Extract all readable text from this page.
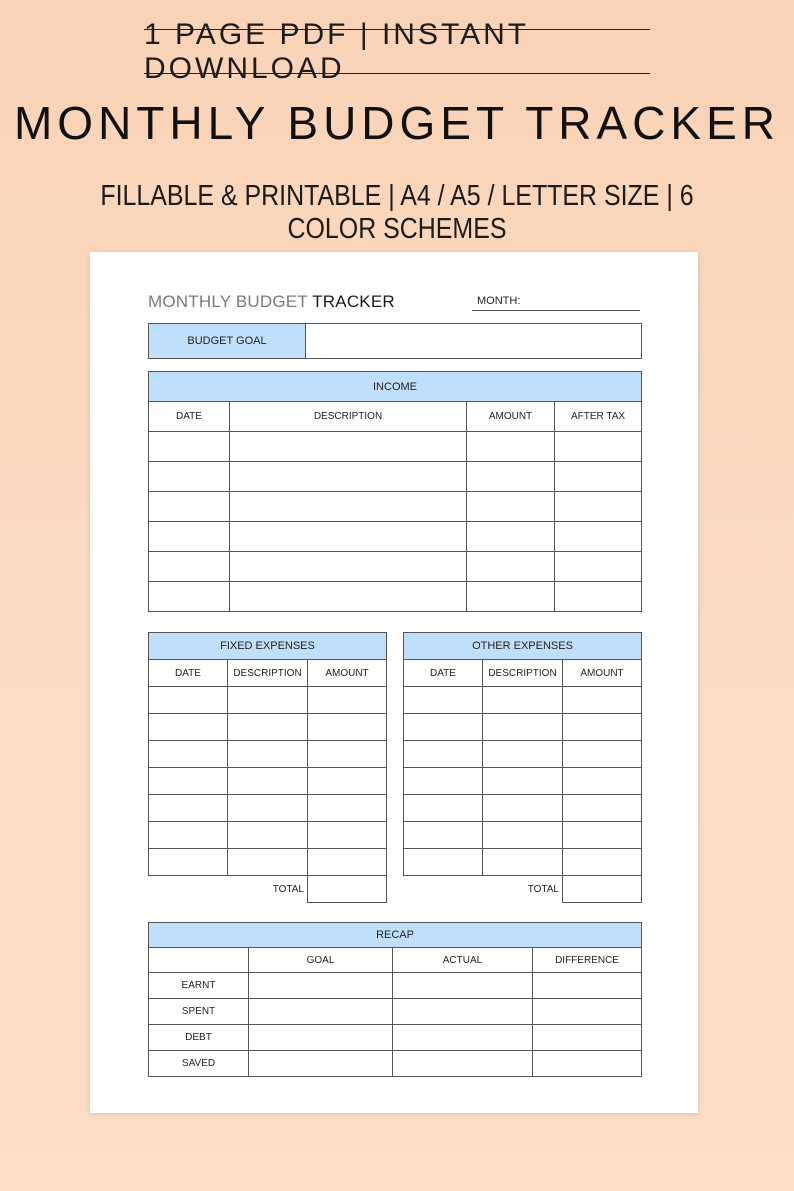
1 PAGE PDF | INSTANT DOWNLOAD
MONTHLY BUDGET TRACKER
FILLABLE & PRINTABLE | A4 / A5 / LETTER SIZE | 6 COLOR SCHEMES
MONTHLY BUDGET TRACKER	MONTH:
BUDGET GOAL
INCOME			
DATE	DESCRIPTION	AMOUNT	AFTER TAX

FIXED EXPENSES		
DATE	DESCRIPTION	AMOUNT

	TOTAL	
OTHER EXPENSES		
DATE	DESCRIPTION	AMOUNT

	TOTAL	
RECAP			
	GOAL	ACTUAL	DIFFERENCE
EARNT			
SPENT			
DEBT			
SAVED			
